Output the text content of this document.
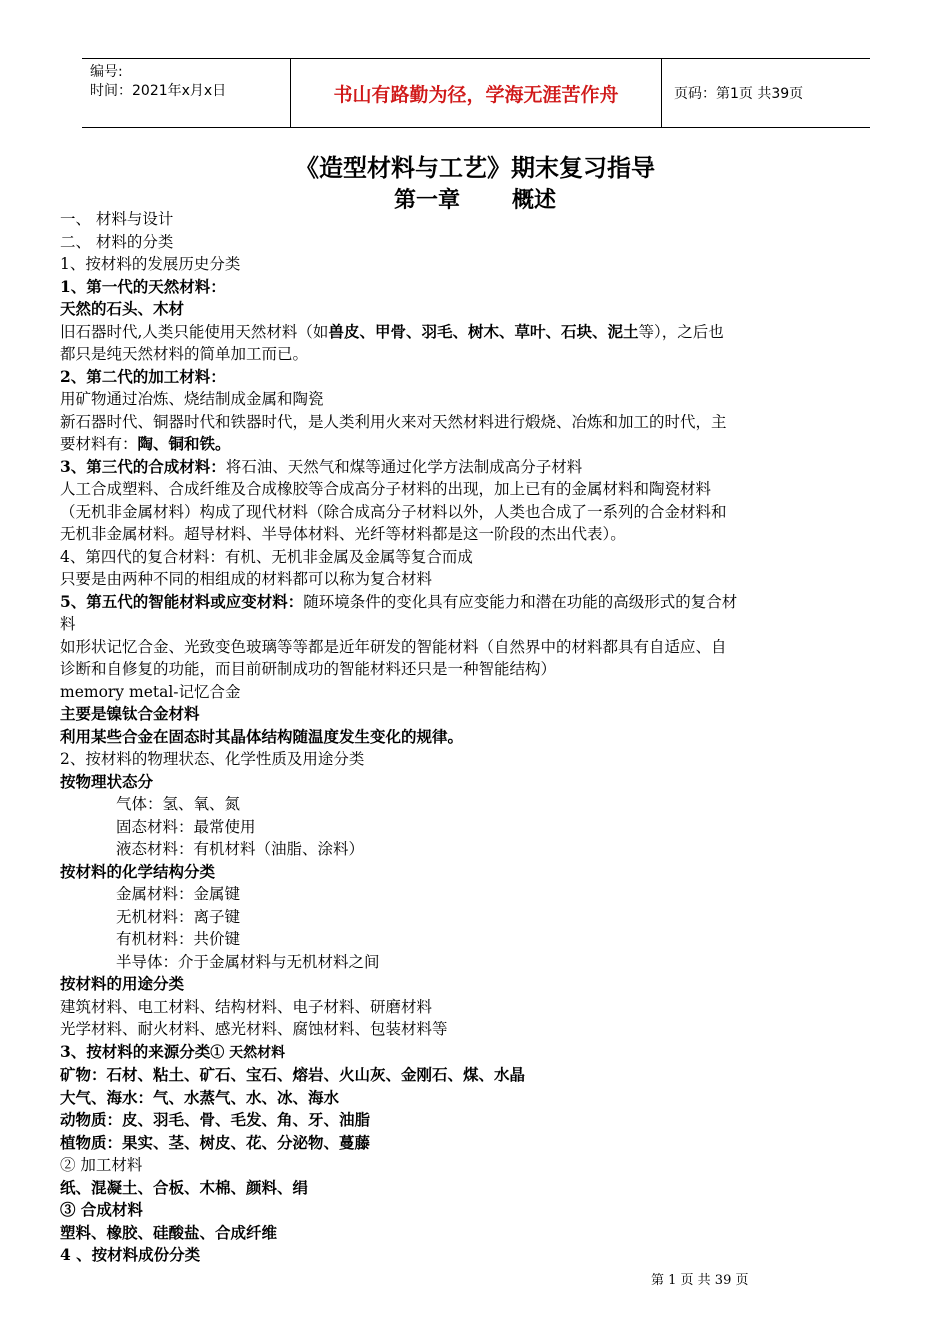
编号:
时间：2021年x月x日	书山有路勤为径，学海无涯苦作舟	页码：第1页 共39页
《造型材料与工艺》期末复习指导
第一章 概述
一、 材料与设计
二、 材料的分类
1、按材料的发展历史分类
1、第一代的天然材料：
天然的石头、木材
旧石器时代,人类只能使用天然材料（如兽皮、甲骨、羽毛、树木、草叶、石块、泥土等），之后也
都只是纯天然材料的简单加工而已。
2、第二代的加工材料：
用矿物通过冶炼、烧结制成金属和陶瓷
新石器时代、铜器时代和铁器时代，是人类利用火来对天然材料进行煅烧、冶炼和加工的时代，主
要材料有：陶、铜和铁。
3、第三代的合成材料：将石油、天然气和煤等通过化学方法制成高分子材料
人工合成塑料、合成纤维及合成橡胶等合成高分子材料的出现，加上已有的金属材料和陶瓷材料
（无机非金属材料）构成了现代材料（除合成高分子材料以外，人类也合成了一系列的合金材料和
无机非金属材料。超导材料、半导体材料、光纤等材料都是这一阶段的杰出代表）。
4、第四代的复合材料：有机、无机非金属及金属等复合而成
只要是由两种不同的相组成的材料都可以称为复合材料
5、第五代的智能材料或应变材料：随环境条件的变化具有应变能力和潜在功能的高级形式的复合材
料
如形状记忆合金、光致变色玻璃等等都是近年研发的智能材料（自然界中的材料都具有自适应、自
诊断和自修复的功能，而目前研制成功的智能材料还只是一种智能结构）
memory metal-记忆合金
主要是镍钛合金材料
利用某些合金在固态时其晶体结构随温度发生变化的规律。
2、按材料的物理状态、化学性质及用途分类
按物理状态分
气体：氢、氧、氮
固态材料：最常使用
液态材料：有机材料（油脂、涂料）
按材料的化学结构分类
金属材料：金属键
无机材料：离子键
有机材料：共价键
半导体：介于金属材料与无机材料之间
按材料的用途分类
建筑材料、电工材料、结构材料、电子材料、研磨材料
光学材料、耐火材料、感光材料、腐蚀材料、包装材料等
3、按材料的来源分类① 天然材料
矿物：石材、粘土、矿石、宝石、熔岩、火山灰、金刚石、煤、水晶
大气、海水：气、水蒸气、水、冰、海水
动物质：皮、羽毛、骨、毛发、角、牙、油脂
植物质：果实、茎、树皮、花、分泌物、蔓藤
② 加工材料
纸、混凝土、合板、木棉、颜料、绢
③ 合成材料
塑料、橡胶、硅酸盐、合成纤维
4 、按材料成份分类
第 1 页 共 39 页
